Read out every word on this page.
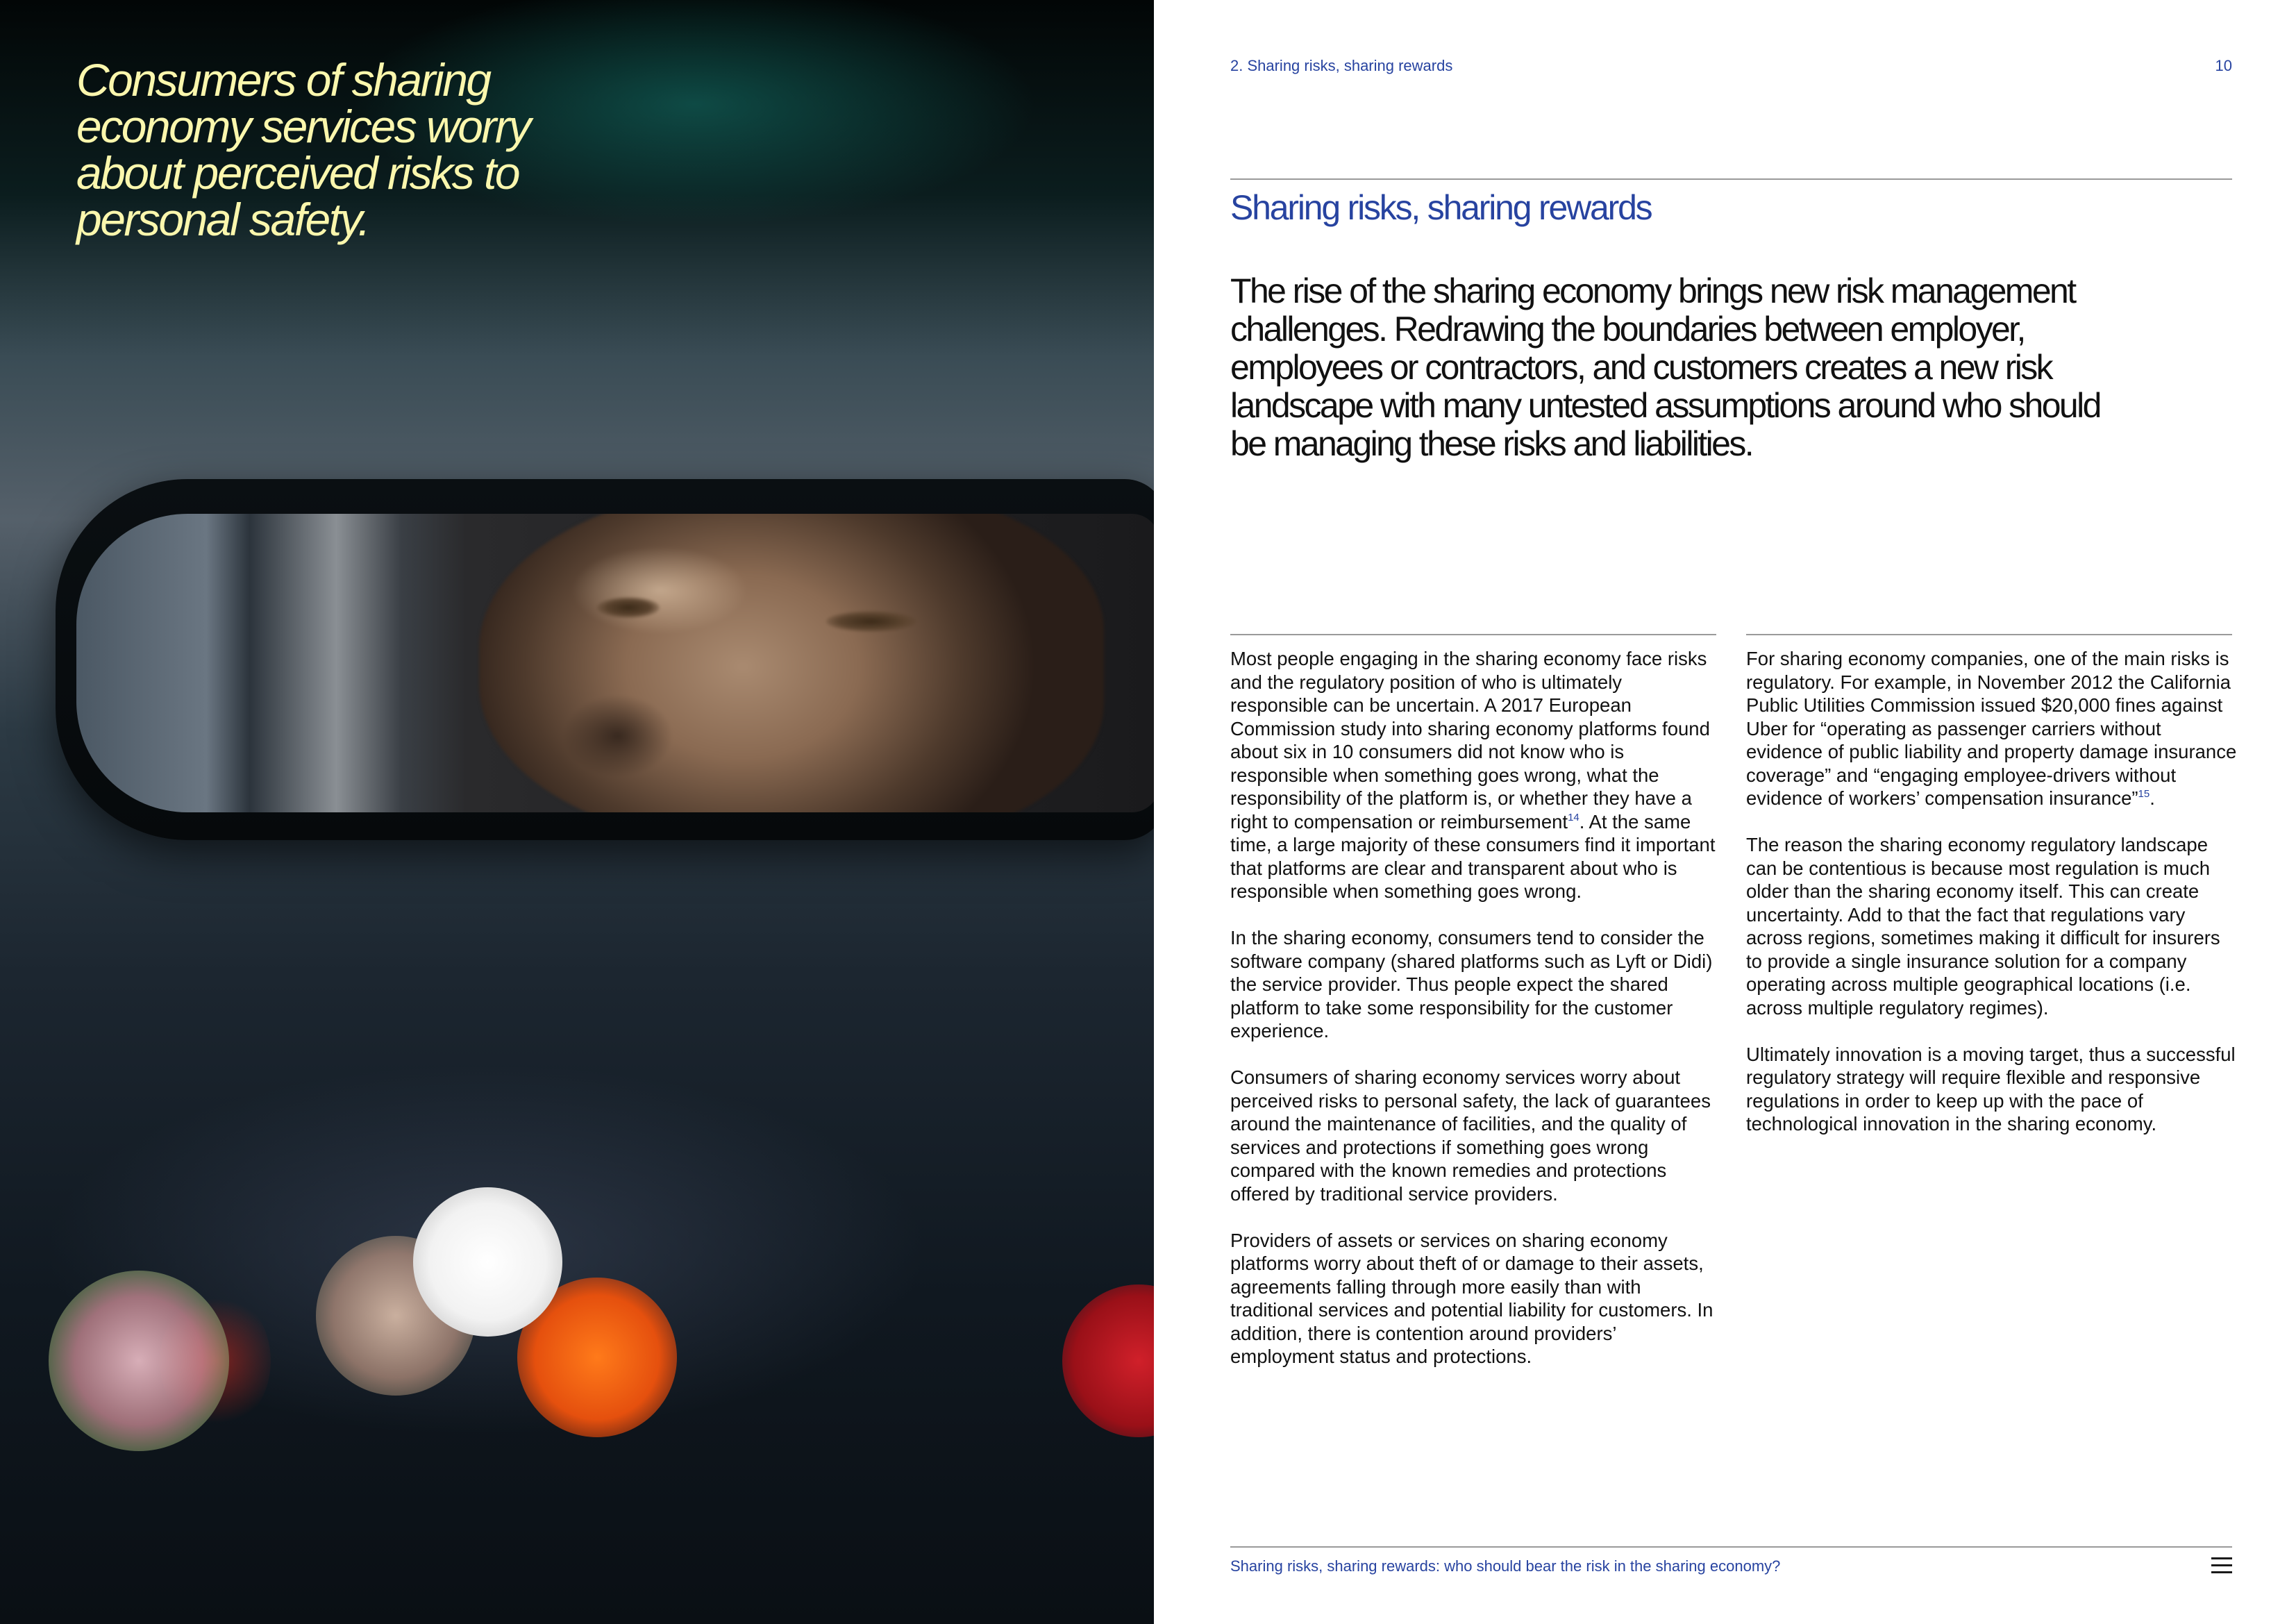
Consumers of sharing economy services worry about perceived risks to personal safety.
2. Sharing risks, sharing rewards	10
Sharing risks, sharing rewards

The rise of the sharing economy brings new risk management challenges. Redrawing the boundaries between employer, employees or contractors, and customers creates a new risk landscape with many untested assumptions around who should be managing these risks and liabilities.

Most people engaging in the sharing economy face risks and the regulatory position of who is ultimately responsible can be uncertain. A 2017 European Commission study into sharing economy platforms found about six in 10 consumers did not know who is responsible when something goes wrong, what the responsibility of the platform is, or whether they have a right to compensation or reimbursement$^{14}$. At the same time, a large majority of these consumers find it important that platforms are clear and transparent about who is responsible when something goes wrong.

In the sharing economy, consumers tend to consider the software company (shared platforms such as Lyft or Didi) the service provider. Thus people expect the shared platform to take some responsibility for the customer experience.

Consumers of sharing economy services worry about perceived risks to personal safety, the lack of guarantees around the maintenance of facilities, and the quality of services and protections if something goes wrong compared with the known remedies and protections offered by traditional service providers.

Providers of assets or services on sharing economy platforms worry about theft of or damage to their assets, agreements falling through more easily than with traditional services and potential liability for customers. In addition, there is contention around providers’ employment status and protections.

For sharing economy companies, one of the main risks is regulatory. For example, in November 2012 the California Public Utilities Commission issued $20,000 fines against Uber for “operating as passenger carriers without evidence of public liability and property damage insurance coverage” and “engaging employee-drivers without evidence of workers’ compensation insurance”$^{15}$.

The reason the sharing economy regulatory landscape can be contentious is because most regulation is much older than the sharing economy itself. This can create uncertainty. Add to that the fact that regulations vary across regions, sometimes making it difficult for insurers to provide a single insurance solution for a company operating across multiple geographical locations (i.e. across multiple regulatory regimes).

Ultimately innovation is a moving target, thus a successful regulatory strategy will require flexible and responsive regulations in order to keep up with the pace of technological innovation in the sharing economy.

Sharing risks, sharing rewards: who should bear the risk in the sharing economy?
